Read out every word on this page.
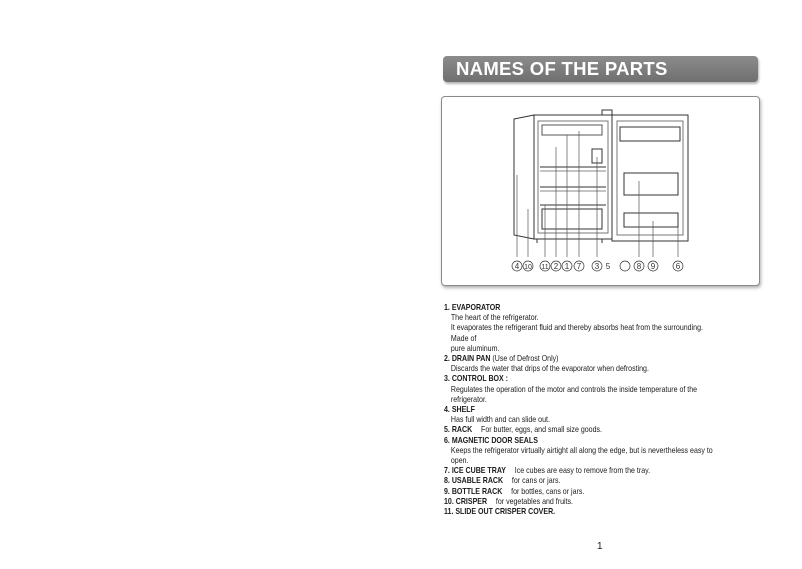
NAMES OF THE PARTS
4 10 11 2 1 7 3 5	8 9	6
1. EVAPORATOR
The heart of the refrigerator.
It evaporates the refrigerant fluid and thereby absorbs heat from the surrounding. Made of
pure aluminum.
2. DRAIN PAN (Use of Defrost Only)
Discards the water that drips of the evaporator when defrosting.
3. CONTROL BOX :
Regulates the operation of the motor and controls the inside temperature of the refrigerator.
4. SHELF
Has full width and can slide out.
5. RACK For butter, eggs, and small size goods.
6. MAGNETIC DOOR SEALS
Keeps the refrigerator virtually airtight all along the edge, but is nevertheless easy to open.
7. ICE CUBE TRAY Ice cubes are easy to remove from the tray.
8. USABLE RACK for cans or jars.
9. BOTTLE RACK for bottles, cans or jars.
10. CRISPER for vegetables and fruits.
11. SLIDE OUT CRISPER COVER.
1
